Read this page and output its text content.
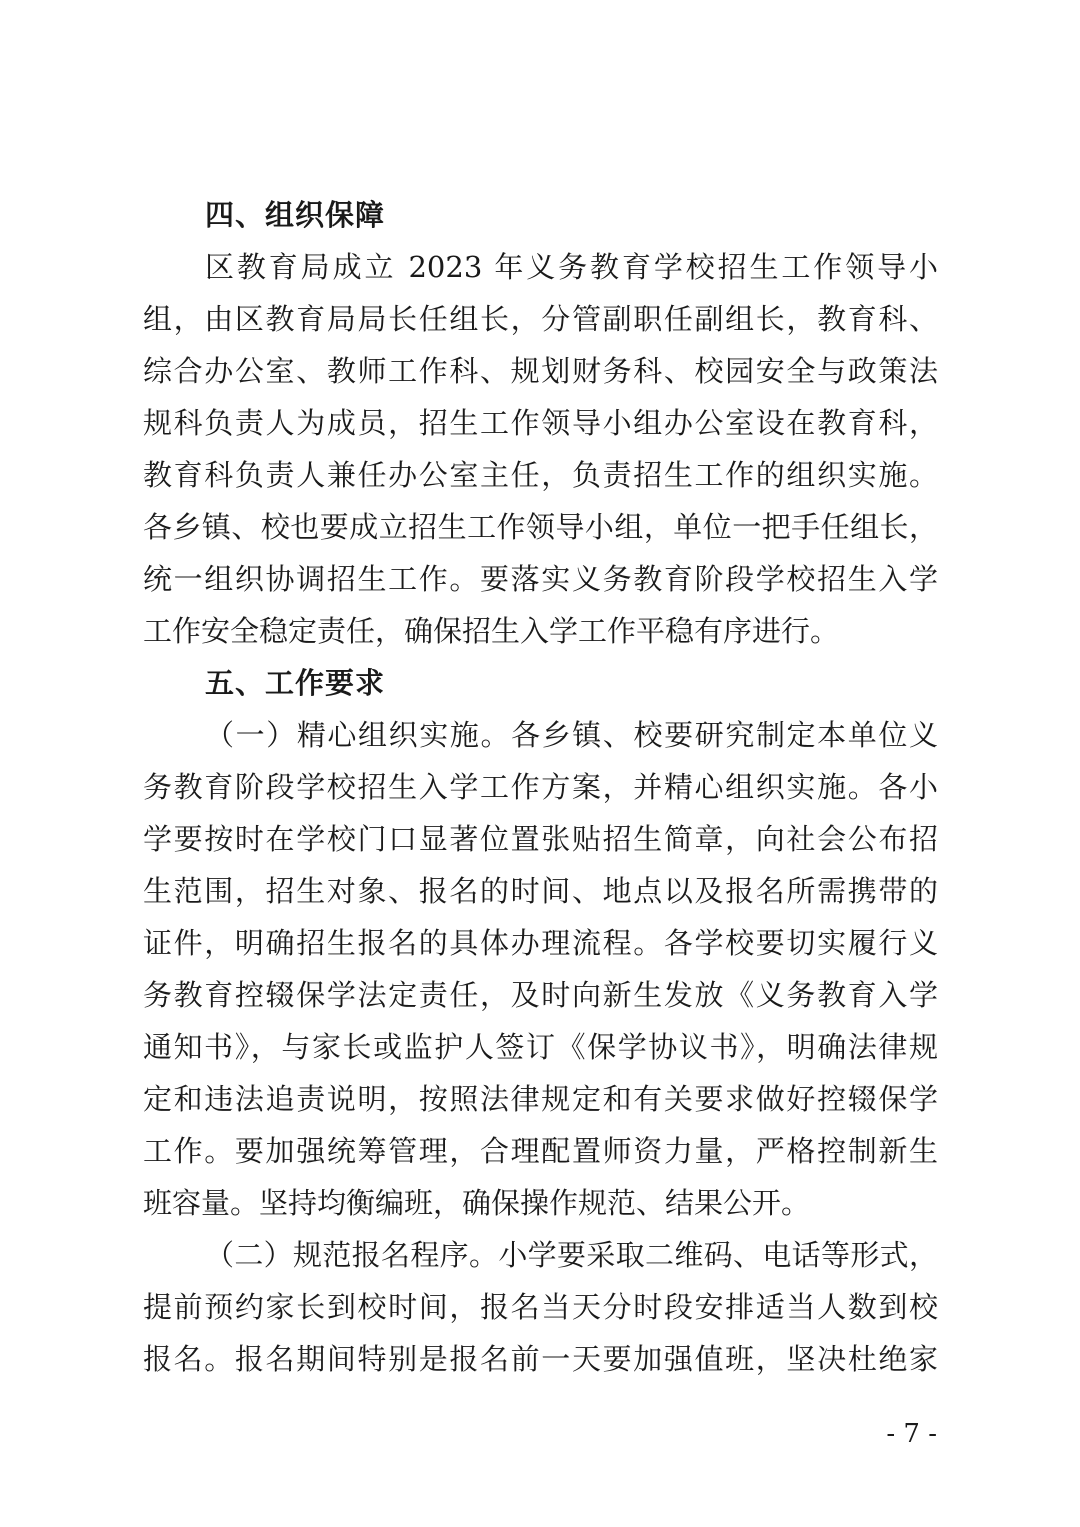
四、组织保障
区教育局成立 2023 年义务教育学校招生工作领导小
组，由区教育局局长任组长，分管副职任副组长，教育科、
综合办公室、教师工作科、规划财务科、校园安全与政策法
规科负责人为成员，招生工作领导小组办公室设在教育科，
教育科负责人兼任办公室主任，负责招生工作的组织实施。
各乡镇、校也要成立招生工作领导小组，单位一把手任组长，
统一组织协调招生工作。要落实义务教育阶段学校招生入学
工作安全稳定责任，确保招生入学工作平稳有序进行。
五、工作要求
（一）精心组织实施。各乡镇、校要研究制定本单位义
务教育阶段学校招生入学工作方案，并精心组织实施。各小
学要按时在学校门口显著位置张贴招生简章，向社会公布招
生范围，招生对象、报名的时间、地点以及报名所需携带的
证件，明确招生报名的具体办理流程。各学校要切实履行义
务教育控辍保学法定责任，及时向新生发放《义务教育入学
通知书》，与家长或监护人签订《保学协议书》，明确法律规
定和违法追责说明，按照法律规定和有关要求做好控辍保学
工作。要加强统筹管理，合理配置师资力量，严格控制新生
班容量。坚持均衡编班，确保操作规范、结果公开。
（二）规范报名程序。小学要采取二维码、电话等形式，
提前预约家长到校时间，报名当天分时段安排适当人数到校
报名。报名期间特别是报名前一天要加强值班，坚决杜绝家
- 7 -
